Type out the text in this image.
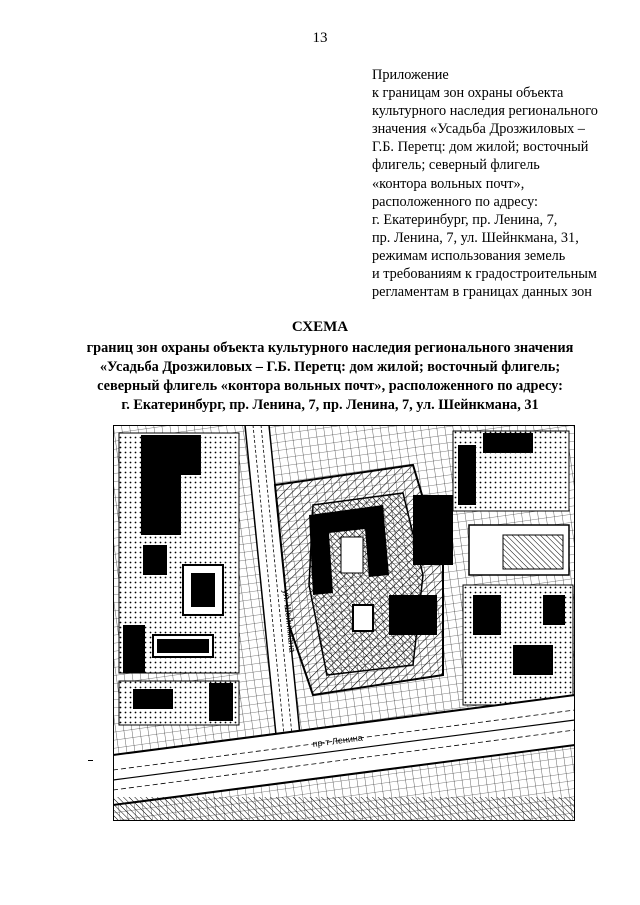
13
Приложение
к границам зон охраны объекта
культурного наследия регионального
значения «Усадьба Дрозжиловых –
Г.Б. Перетц: дом жилой; восточный
флигель; северный флигель
«контора вольных почт»,
расположенного по адресу:
г. Екатеринбург, пр. Ленина, 7,
пр. Ленина, 7, ул. Шейнкмана, 31,
режимам использования земель
и требованиям к градостроительным
регламентам в границах данных зон
СХЕМА
границ зон охраны объекта культурного наследия регионального значения
«Усадьба Дрозжиловых – Г.Б. Перетц: дом жилой; восточный флигель;
северный флигель «контора вольных почт», расположенного по адресу:
г. Екатеринбург, пр. Ленина, 7, пр. Ленина, 7, ул. Шейнкмана, 31
пр-т Ленина
